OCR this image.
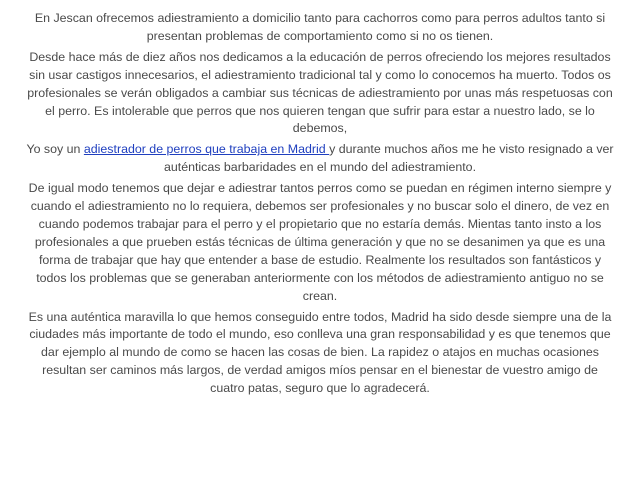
En Jescan ofrecemos adiestramiento a domicilio tanto para cachorros como para perros adultos tanto si presentan problemas de comportamiento como si no os tienen.

Desde hace más de diez años nos dedicamos a la educación de perros ofreciendo los mejores resultados sin usar castigos innecesarios, el adiestramiento tradicional tal y como lo conocemos ha muerto. Todos os profesionales se verán obligados a cambiar sus técnicas de adiestramiento por unas más respetuosas con el perro. Es intolerable que perros que nos quieren tengan que sufrir para estar a nuestro lado, se lo debemos,

Yo soy un adiestrador de perros que trabaja en Madrid y durante muchos años me he visto resignado a ver auténticas barbaridades en el mundo del adiestramiento.

De igual modo tenemos que dejar e adiestrar tantos perros como se puedan en régimen interno siempre y cuando el adiestramiento no lo requiera, debemos ser profesionales y no buscar solo el dinero, de vez en cuando podemos trabajar para el perro y el propietario que no estaría demás. Mientas tanto insto a los profesionales a que prueben estás técnicas de última generación y que no se desanimen ya que es una forma de trabajar que hay que entender a base de estudio. Realmente los resultados son fantásticos y todos los problemas que se generaban anteriormente con los métodos de adiestramiento antiguo no se crean.

Es una auténtica maravilla lo que hemos conseguido entre todos, Madrid ha sido desde siempre una de la ciudades más importante de todo el mundo, eso conlleva una gran responsabilidad y es que tenemos que dar ejemplo al mundo de como se hacen las cosas de bien. La rapidez o atajos en muchas ocasiones resultan ser caminos más largos, de verdad amigos míos pensar en el bienestar de vuestro amigo de cuatro patas, seguro que lo agradecerá.
